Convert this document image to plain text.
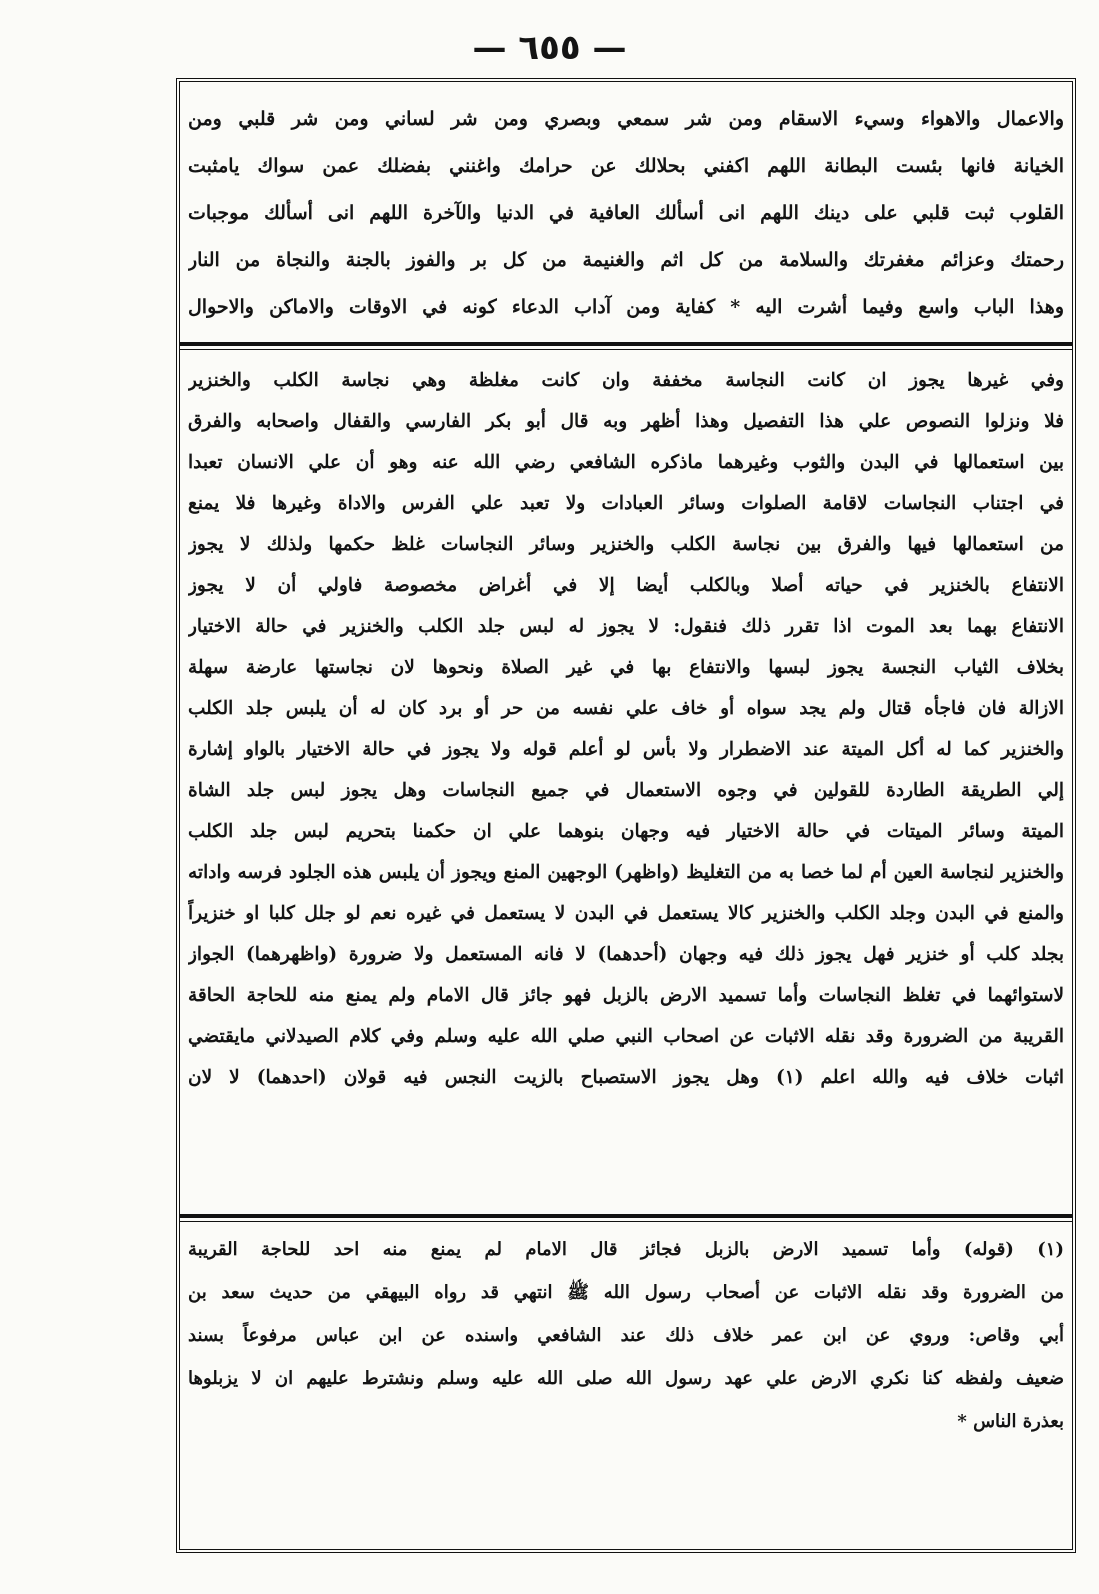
— ٦٥٥ —
والاعمال والاهواء وسيء الاسقام ومن شر سمعي وبصري ومن شر لساني ومن شر قلبي ومن
الخيانة فانها بئست البطانة اللهم اكفني بحلالك عن حرامك واغنني بفضلك عمن سواك يامثبت
القلوب ثبت قلبي على دينك اللهم انى أسألك العافية في الدنيا والآخرة اللهم انى أسألك موجبات
رحمتك وعزائم مغفرتك والسلامة من كل اثم والغنيمة من كل بر والفوز بالجنة والنجاة من النار
وهذا الباب واسع وفيما أشرت اليه * كفاية ومن آداب الدعاء كونه في الاوقات والاماكن والاحوال
وفي غيرها يجوز ان كانت النجاسة مخففة وان كانت مغلظة وهي نجاسة الكلب والخنزير
فلا ونزلوا النصوص علي هذا التفصيل وهذا أظهر وبه قال أبو بكر الفارسي والقفال واصحابه والفرق
بين استعمالها في البدن والثوب وغيرهما ماذكره الشافعي رضي الله عنه وهو أن علي الانسان تعبدا
في اجتناب النجاسات لاقامة الصلوات وسائر العبادات ولا تعبد علي الفرس والاداة وغيرها فلا يمنع
من استعمالها فيها والفرق بين نجاسة الكلب والخنزير وسائر النجاسات غلظ حكمها ولذلك لا يجوز
الانتفاع بالخنزير في حياته أصلا وبالكلب أيضا إلا في أغراض مخصوصة فاولي أن لا يجوز
الانتفاع بهما بعد الموت اذا تقرر ذلك فنقول: لا يجوز له لبس جلد الكلب والخنزير في حالة الاختيار
بخلاف الثياب النجسة يجوز لبسها والانتفاع بها في غير الصلاة ونحوها لان نجاستها عارضة سهلة
الازالة فان فاجأه قتال ولم يجد سواه أو خاف علي نفسه من حر أو برد كان له أن يلبس جلد الكلب
والخنزير كما له أكل الميتة عند الاضطرار ولا بأس لو أعلم قوله ولا يجوز في حالة الاختيار بالواو إشارة
إلي الطريقة الطاردة للقولين في وجوه الاستعمال في جميع النجاسات وهل يجوز لبس جلد الشاة
الميتة وسائر الميتات في حالة الاختيار فيه وجهان بنوهما علي ان حكمنا بتحريم لبس جلد الكلب
والخنزير لنجاسة العين أم لما خصا به من التغليظ (واظهر) الوجهين المنع ويجوز أن يلبس هذه الجلود فرسه واداته
والمنع في البدن وجلد الكلب والخنزير كالا يستعمل في البدن لا يستعمل في غيره نعم لو جلل كلبا او خنزيراً
بجلد كلب أو خنزير فهل يجوز ذلك فيه وجهان (أحدهما) لا فانه المستعمل ولا ضرورة (واظهرهما) الجواز
لاستوائهما في تغلظ النجاسات وأما تسميد الارض بالزبل فهو جائز قال الامام ولم يمنع منه للحاجة الحاقة
القريبة من الضرورة وقد نقله الاثبات عن اصحاب النبي صلي الله عليه وسلم وفي كلام الصيدلاني مايقتضي
اثبات خلاف فيه والله اعلم (١) وهل يجوز الاستصباح بالزيت النجس فيه قولان (احدهما) لا لان
(١) (قوله) وأما تسميد الارض بالزبل فجائز قال الامام لم يمنع منه احد للحاجة القريبة
من الضرورة وقد نقله الاثبات عن أصحاب رسول الله ﷺ انتهي قد رواه البيهقي من حديث سعد بن
أبي وقاص: وروي عن ابن عمر خلاف ذلك عند الشافعي واسنده عن ابن عباس مرفوعاً بسند
ضعيف ولفظه كنا نكري الارض علي عهد رسول الله صلى الله عليه وسلم ونشترط عليهم ان لا يزبلوها
بعذرة الناس *
